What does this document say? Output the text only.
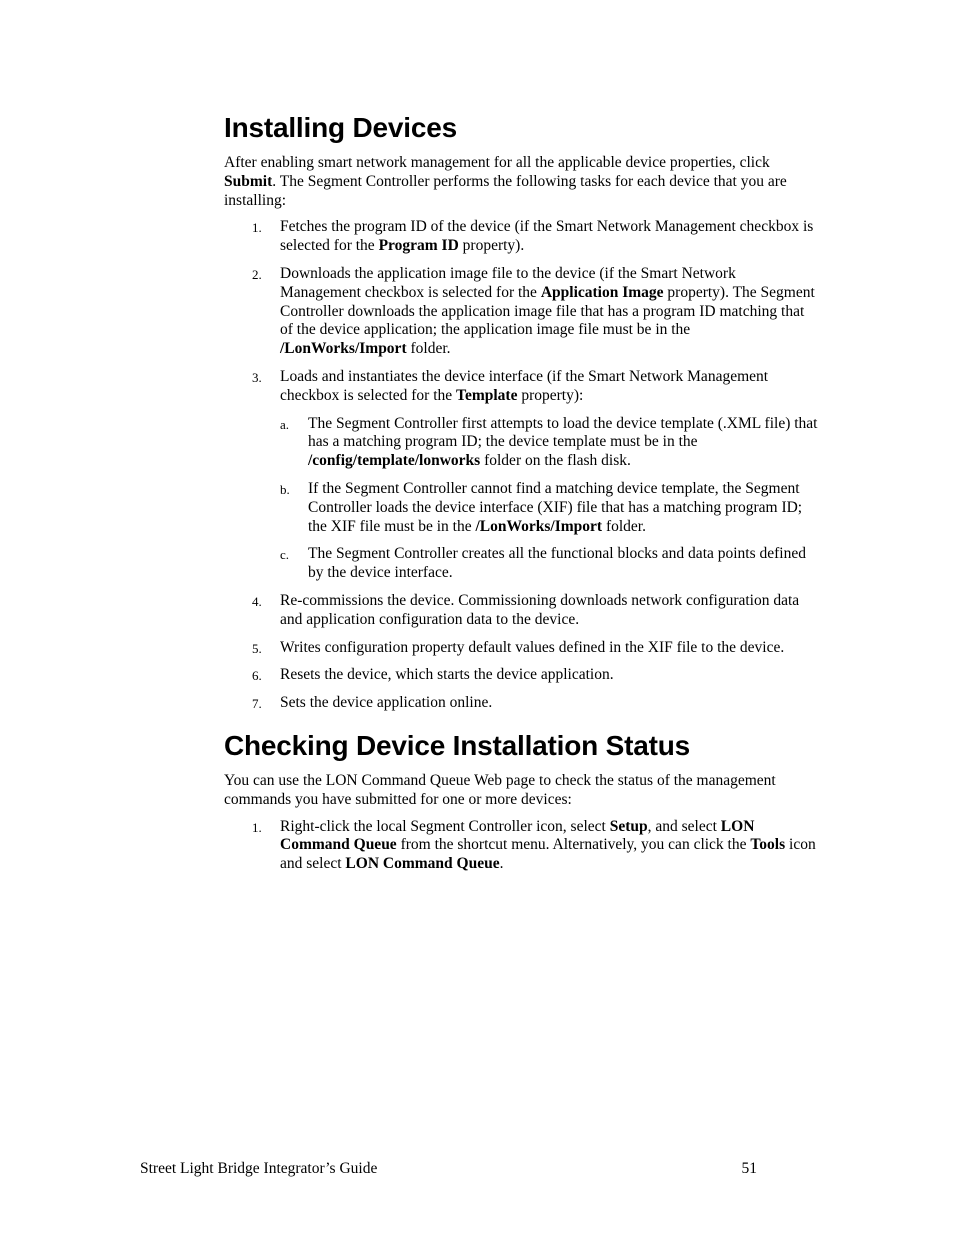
Installing Devices

After enabling smart network management for all the applicable device properties, click Submit. The Segment Controller performs the following tasks for each device that you are installing:

1. Fetches the program ID of the device (if the Smart Network Management checkbox is selected for the Program ID property).
2. Downloads the application image file to the device (if the Smart Network Management checkbox is selected for the Application Image property). The Segment Controller downloads the application image file that has a program ID matching that of the device application; the application image file must be in the /LonWorks/Import folder.
3. Loads and instantiates the device interface (if the Smart Network Management checkbox is selected for the Template property):
a. The Segment Controller first attempts to load the device template (.XML file) that has a matching program ID; the device template must be in the /config/template/lonworks folder on the flash disk.
b. If the Segment Controller cannot find a matching device template, the Segment Controller loads the device interface (XIF) file that has a matching program ID; the XIF file must be in the /LonWorks/Import folder.
c. The Segment Controller creates all the functional blocks and data points defined by the device interface.
4. Re-commissions the device. Commissioning downloads network configuration data and application configuration data to the device.
5. Writes configuration property default values defined in the XIF file to the device.
6. Resets the device, which starts the device application.
7. Sets the device application online.
Checking Device Installation Status

You can use the LON Command Queue Web page to check the status of the management commands you have submitted for one or more devices:

1. Right-click the local Segment Controller icon, select Setup, and select LON Command Queue from the shortcut menu. Alternatively, you can click the Tools icon and select LON Command Queue.
Street Light Bridge Integrator’s Guide	51
